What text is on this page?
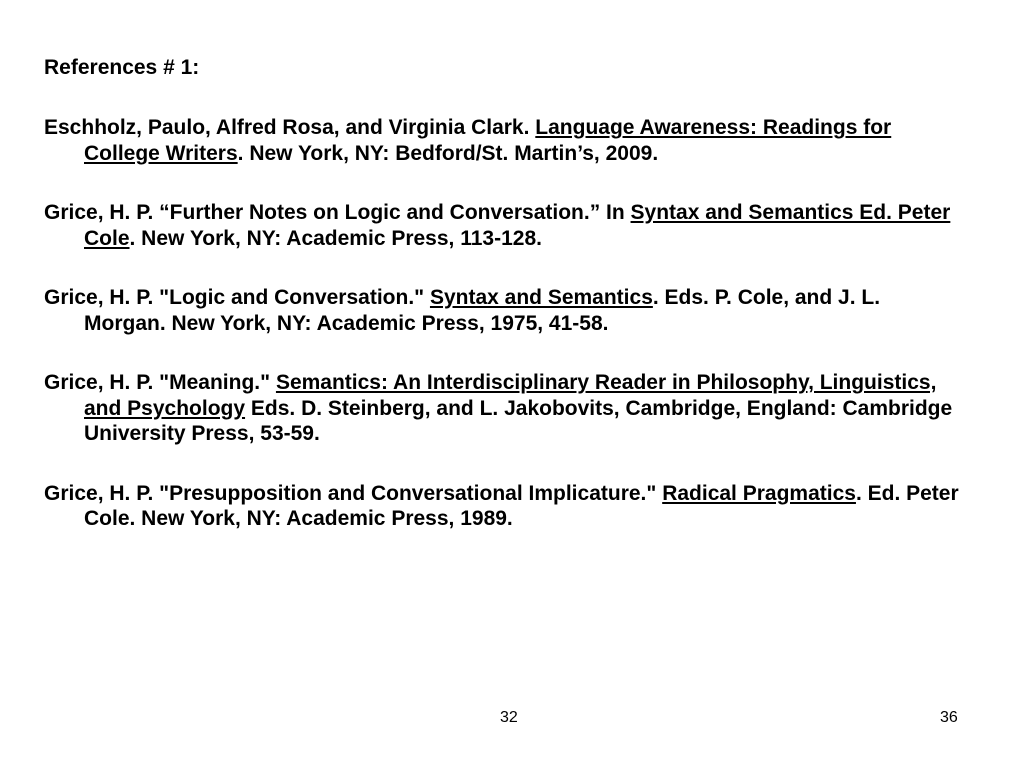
References # 1:

Eschholz, Paulo, Alfred Rosa, and Virginia Clark. Language Awareness: Readings for College Writers. New York, NY: Bedford/St. Martin’s, 2009.

Grice, H. P. “Further Notes on Logic and Conversation.” In Syntax and Semantics Ed. Peter Cole. New York, NY: Academic Press, 113-128.

Grice, H. P. "Logic and Conversation." Syntax and Semantics. Eds. P. Cole, and J. L. Morgan. New York, NY: Academic Press, 1975, 41-58.

Grice, H. P. "Meaning." Semantics: An Interdisciplinary Reader in Philosophy, Linguistics, and Psychology Eds. D. Steinberg, and L. Jakobovits, Cambridge, England: Cambridge University Press, 53-59.

Grice, H. P. "Presupposition and Conversational Implicature." Radical Pragmatics. Ed. Peter Cole. New York, NY: Academic Press, 1989.

32	36
